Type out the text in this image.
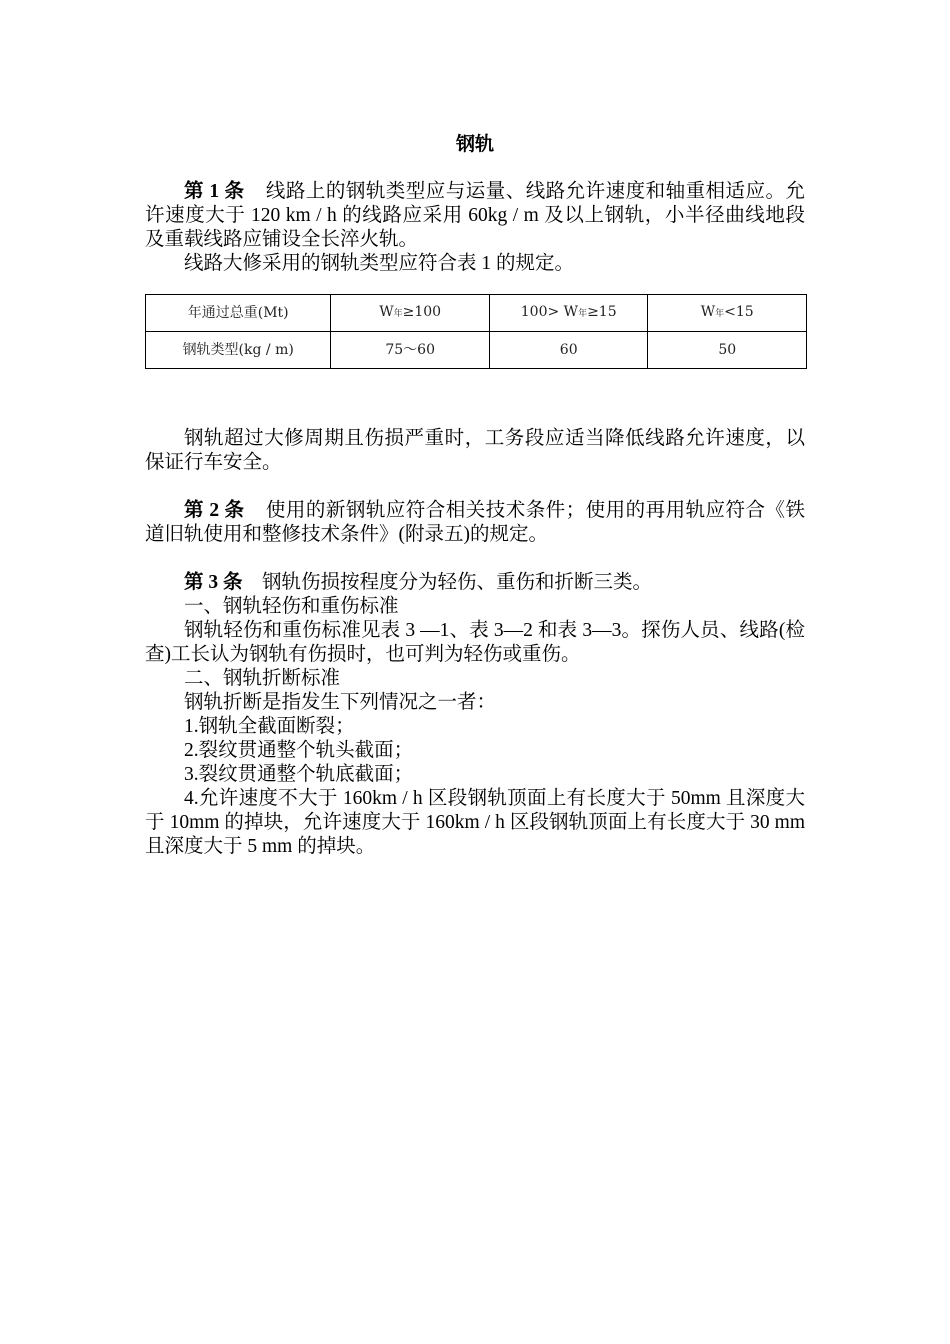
钢轨

第 1 条 线路上的钢轨类型应与运量、线路允许速度和轴重相适应。允许速度大于 120 km / h 的线路应采用 60kg / m 及以上钢轨，小半径曲线地段及重载线路应铺设全长淬火轨。

线路大修采用的钢轨类型应符合表 1 的规定。

年通过总重(Mt)	W年≥100	100> W年≥15	W年<15
钢轨类型(kg / m)	75～60	60	50

钢轨超过大修周期且伤损严重时，工务段应适当降低线路允许速度，以保证行车安全。

第 2 条 使用的新钢轨应符合相关技术条件；使用的再用轨应符合《铁道旧轨使用和整修技术条件》(附录五)的规定。

第 3 条 钢轨伤损按程度分为轻伤、重伤和折断三类。

一、钢轨轻伤和重伤标准

钢轨轻伤和重伤标准见表 3 —1、表 3—2 和表 3—3。探伤人员、线路(检查)工长认为钢轨有伤损时，也可判为轻伤或重伤。

二、钢轨折断标准

钢轨折断是指发生下列情况之一者：

1.钢轨全截面断裂；

2.裂纹贯通整个轨头截面；

3.裂纹贯通整个轨底截面；

4.允许速度不大于 160km / h 区段钢轨顶面上有长度大于 50mm 且深度大于 10mm 的掉块，允许速度大于 160km / h 区段钢轨顶面上有长度大于 30 mm 且深度大于 5 mm 的掉块。
